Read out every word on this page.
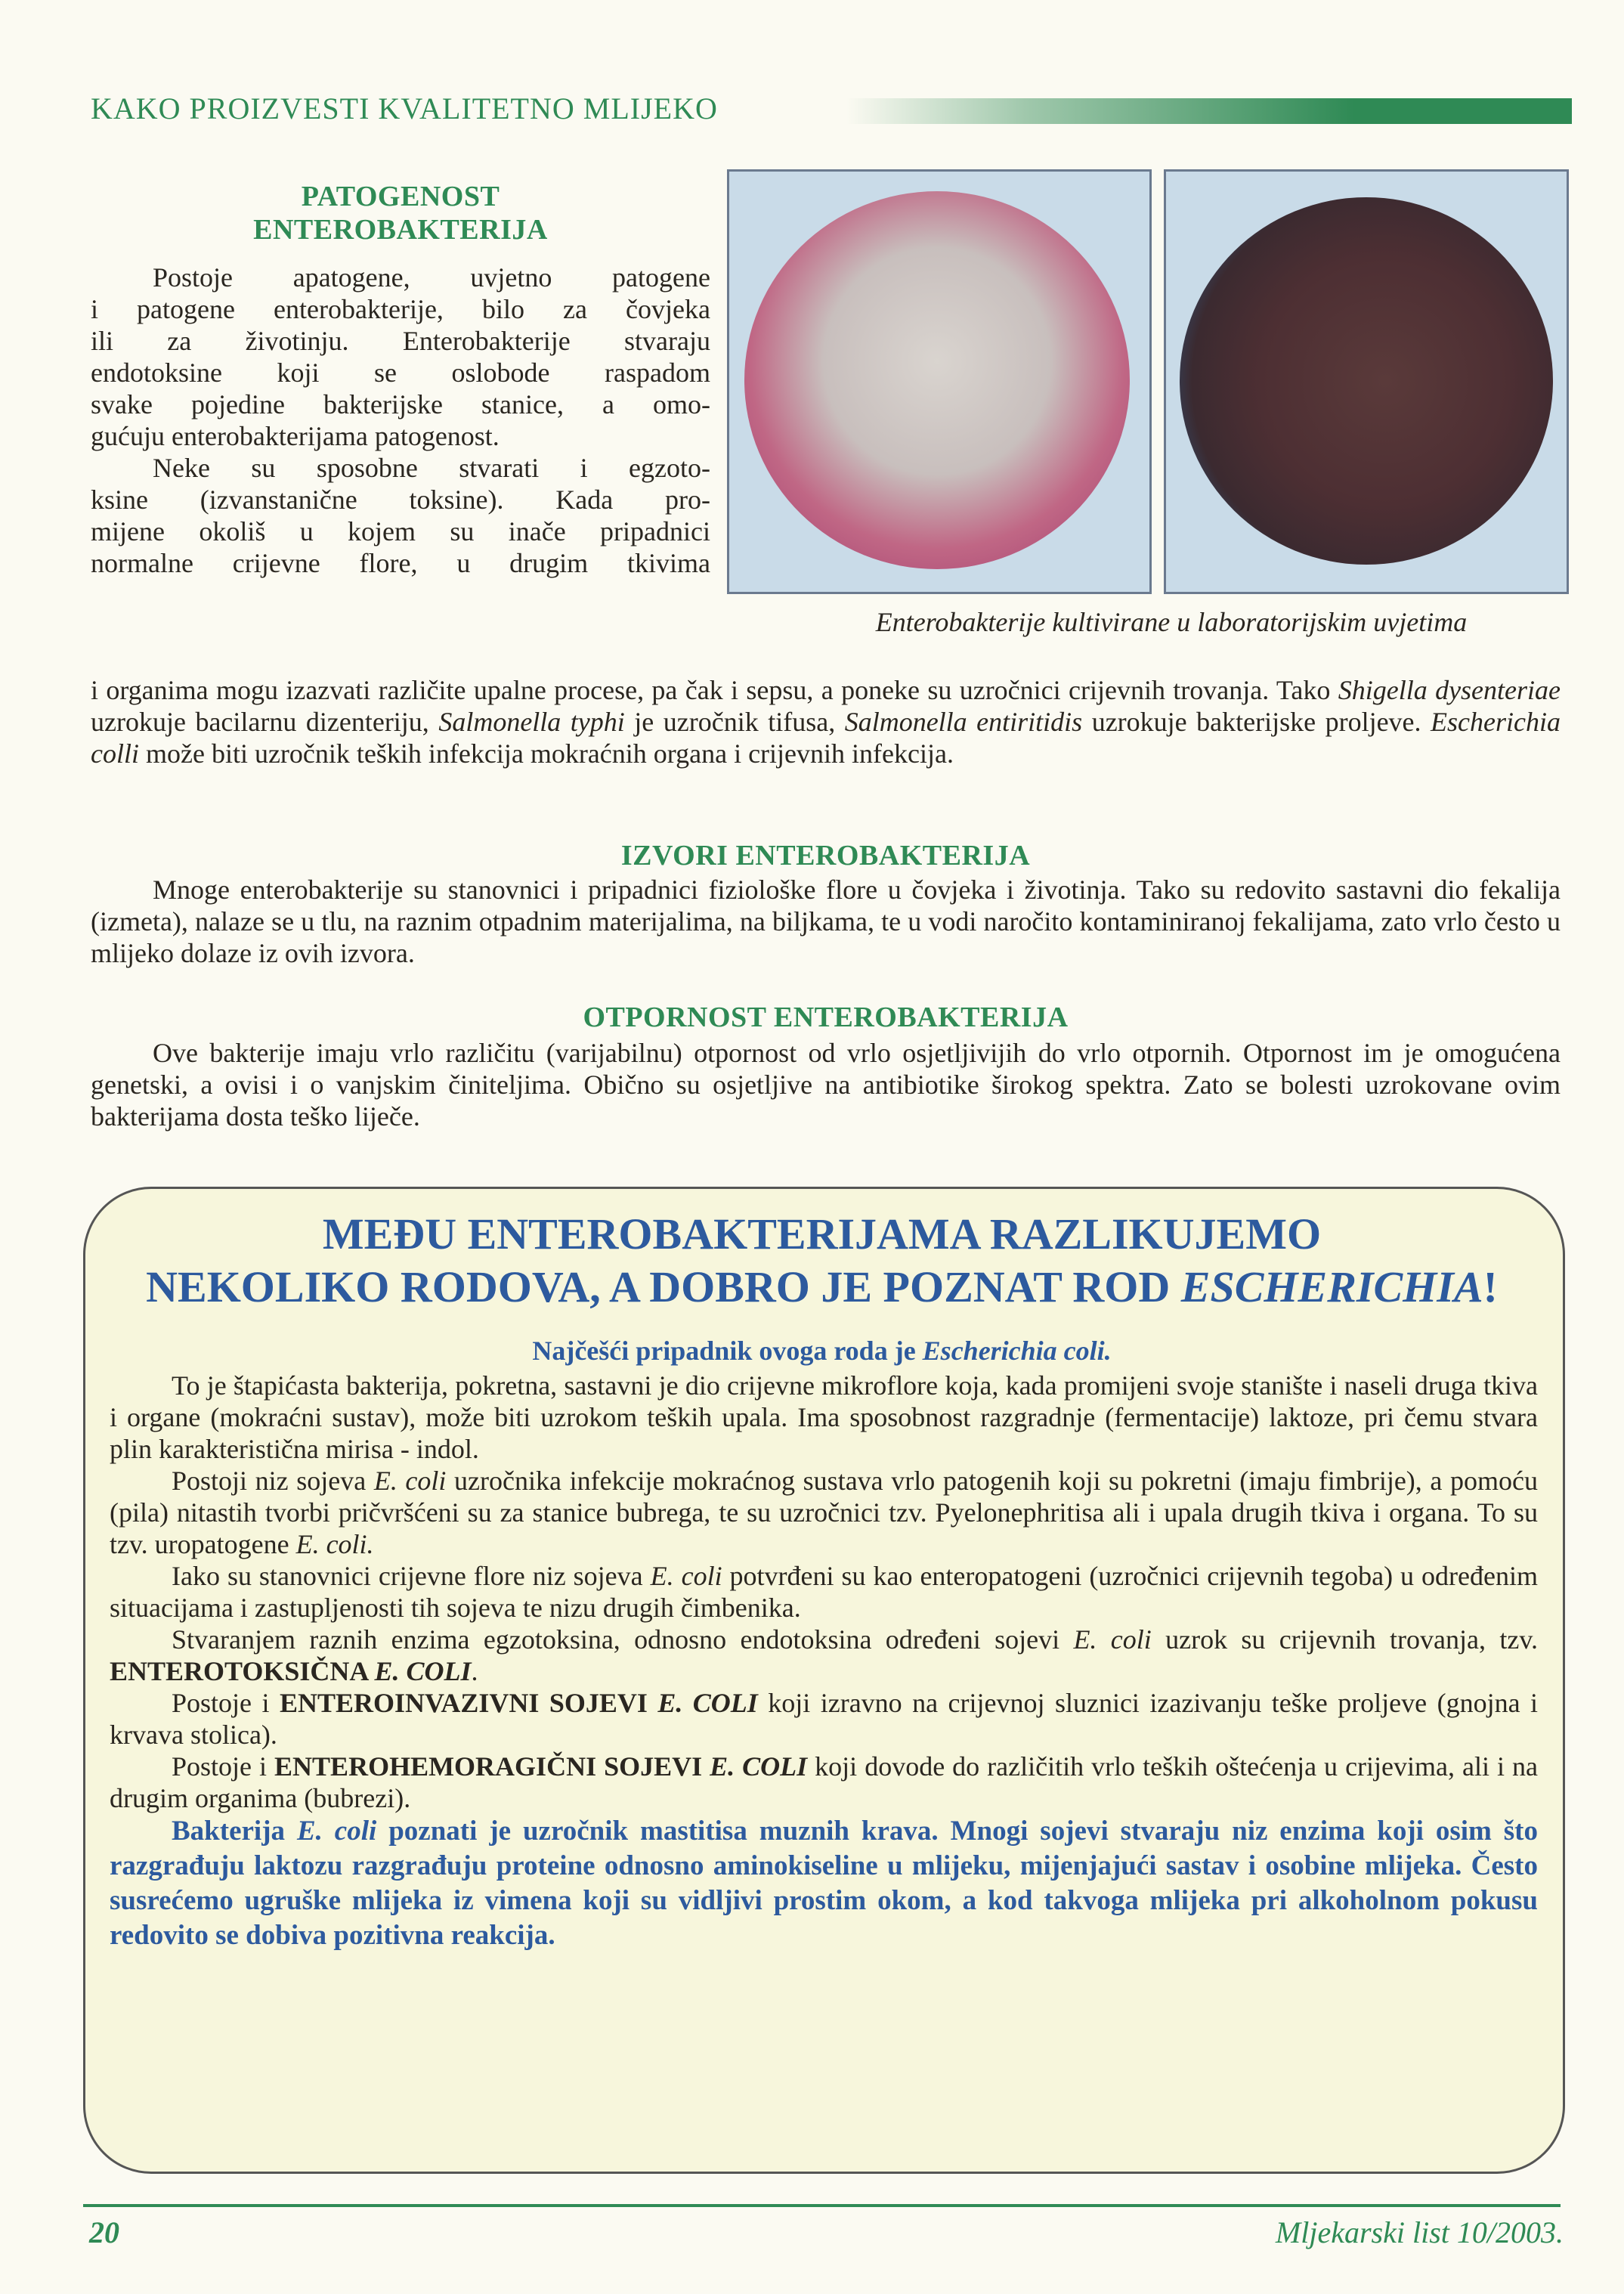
KAKO PROIZVESTI KVALITETNO MLIJEKO
PATOGENOST
ENTEROBAKTERIJA
Postoje apatogene, uvjetno patogene
i patogene enterobakterije, bilo za čovjeka
ili za životinju. Enterobakterije stvaraju
endotoksine koji se oslobode raspadom
svake pojedine bakterijske stanice, a omo-
gućuju enterobakterijama patogenost.
Neke su sposobne stvarati i egzoto-
ksine (izvanstanične toksine). Kada pro-
mijene okoliš u kojem su inače pripadnici
normalne crijevne flore, u drugim tkivima
Enterobakterije kultivirane u laboratorijskim uvjetima

i organima mogu izazvati različite upalne procese, pa čak i sepsu, a poneke su uzročnici crijevnih trovanja. Tako Shigella dysenteriae uzrokuje bacilarnu dizenteriju, Salmonella typhi je uzročnik tifusa, Salmonella entiritidis uzrokuje bakterijske proljeve. Escherichia colli može biti uzročnik teških infekcija mokraćnih organa i crijevnih infekcija.

IZVORI ENTEROBAKTERIJA

Mnoge enterobakterije su stanovnici i pripadnici fiziološke flore u čovjeka i životinja. Tako su redovito sastavni dio fekalija (izmeta), nalaze se u tlu, na raznim otpadnim materijalima, na biljkama, te u vodi naročito kontaminiranoj fekalijama, zato vrlo često u mlijeko dolaze iz ovih izvora.

OTPORNOST ENTEROBAKTERIJA

Ove bakterije imaju vrlo različitu (varijabilnu) otpornost od vrlo osjetljivijih do vrlo otpornih. Otpornost im je omogućena genetski, a ovisi i o vanjskim činiteljima. Obično su osjetljive na antibiotike širokog spektra. Zato se bolesti uzrokovane ovim bakterijama dosta teško liječe.

MEĐU ENTEROBAKTERIJAMA RAZLIKUJEMO
NEKOLIKO RODOVA, A DOBRO JE POZNAT ROD ESCHERICHIA!
Najčešći pripadnik ovoga roda je Escherichia coli.

To je štapićasta bakterija, pokretna, sastavni je dio crijevne mikroflore koja, kada promijeni svoje stanište i naseli druga tkiva i organe (mokraćni sustav), može biti uzrokom teških upala. Ima sposobnost razgradnje (fermentacije) laktoze, pri čemu stvara plin karakteristična mirisa - indol.

Postoji niz sojeva E. coli uzročnika infekcije mokraćnog sustava vrlo patogenih koji su pokretni (imaju fimbrije), a pomoću (pila) nitastih tvorbi pričvršćeni su za stanice bubrega, te su uzročnici tzv. Pyelonephritisa ali i upala drugih tkiva i organa. To su tzv. uropatogene E. coli.

Iako su stanovnici crijevne flore niz sojeva E. coli potvrđeni su kao enteropatogeni (uzročnici crijevnih tegoba) u određenim situacijama i zastupljenosti tih sojeva te nizu drugih čimbenika.

Stvaranjem raznih enzima egzotoksina, odnosno endotoksina određeni sojevi E. coli uzrok su crijevnih trovanja, tzv. ENTEROTOKSIČNA E. COLI.

Postoje i ENTEROINVAZIVNI SOJEVI E. COLI koji izravno na crijevnoj sluznici izazivanju teške proljeve (gnojna i krvava stolica).

Postoje i ENTEROHEMORAGIČNI SOJEVI E. COLI koji dovode do različitih vrlo teških oštećenja u crijevima, ali i na drugim organima (bubrezi).

Bakterija E. coli poznati je uzročnik mastitisa muznih krava. Mnogi sojevi stvaraju niz enzima koji osim što razgrađuju laktozu razgrađuju proteine odnosno aminokiseline u mlijeku, mijenjajući sastav i osobine mlijeka. Često susrećemo ugruške mlijeka iz vimena koji su vidljivi prostim okom, a kod takvoga mlijeka pri alkoholnom pokusu redovito se dobiva pozitivna reakcija.

20	Mljekarski list 10/2003.
